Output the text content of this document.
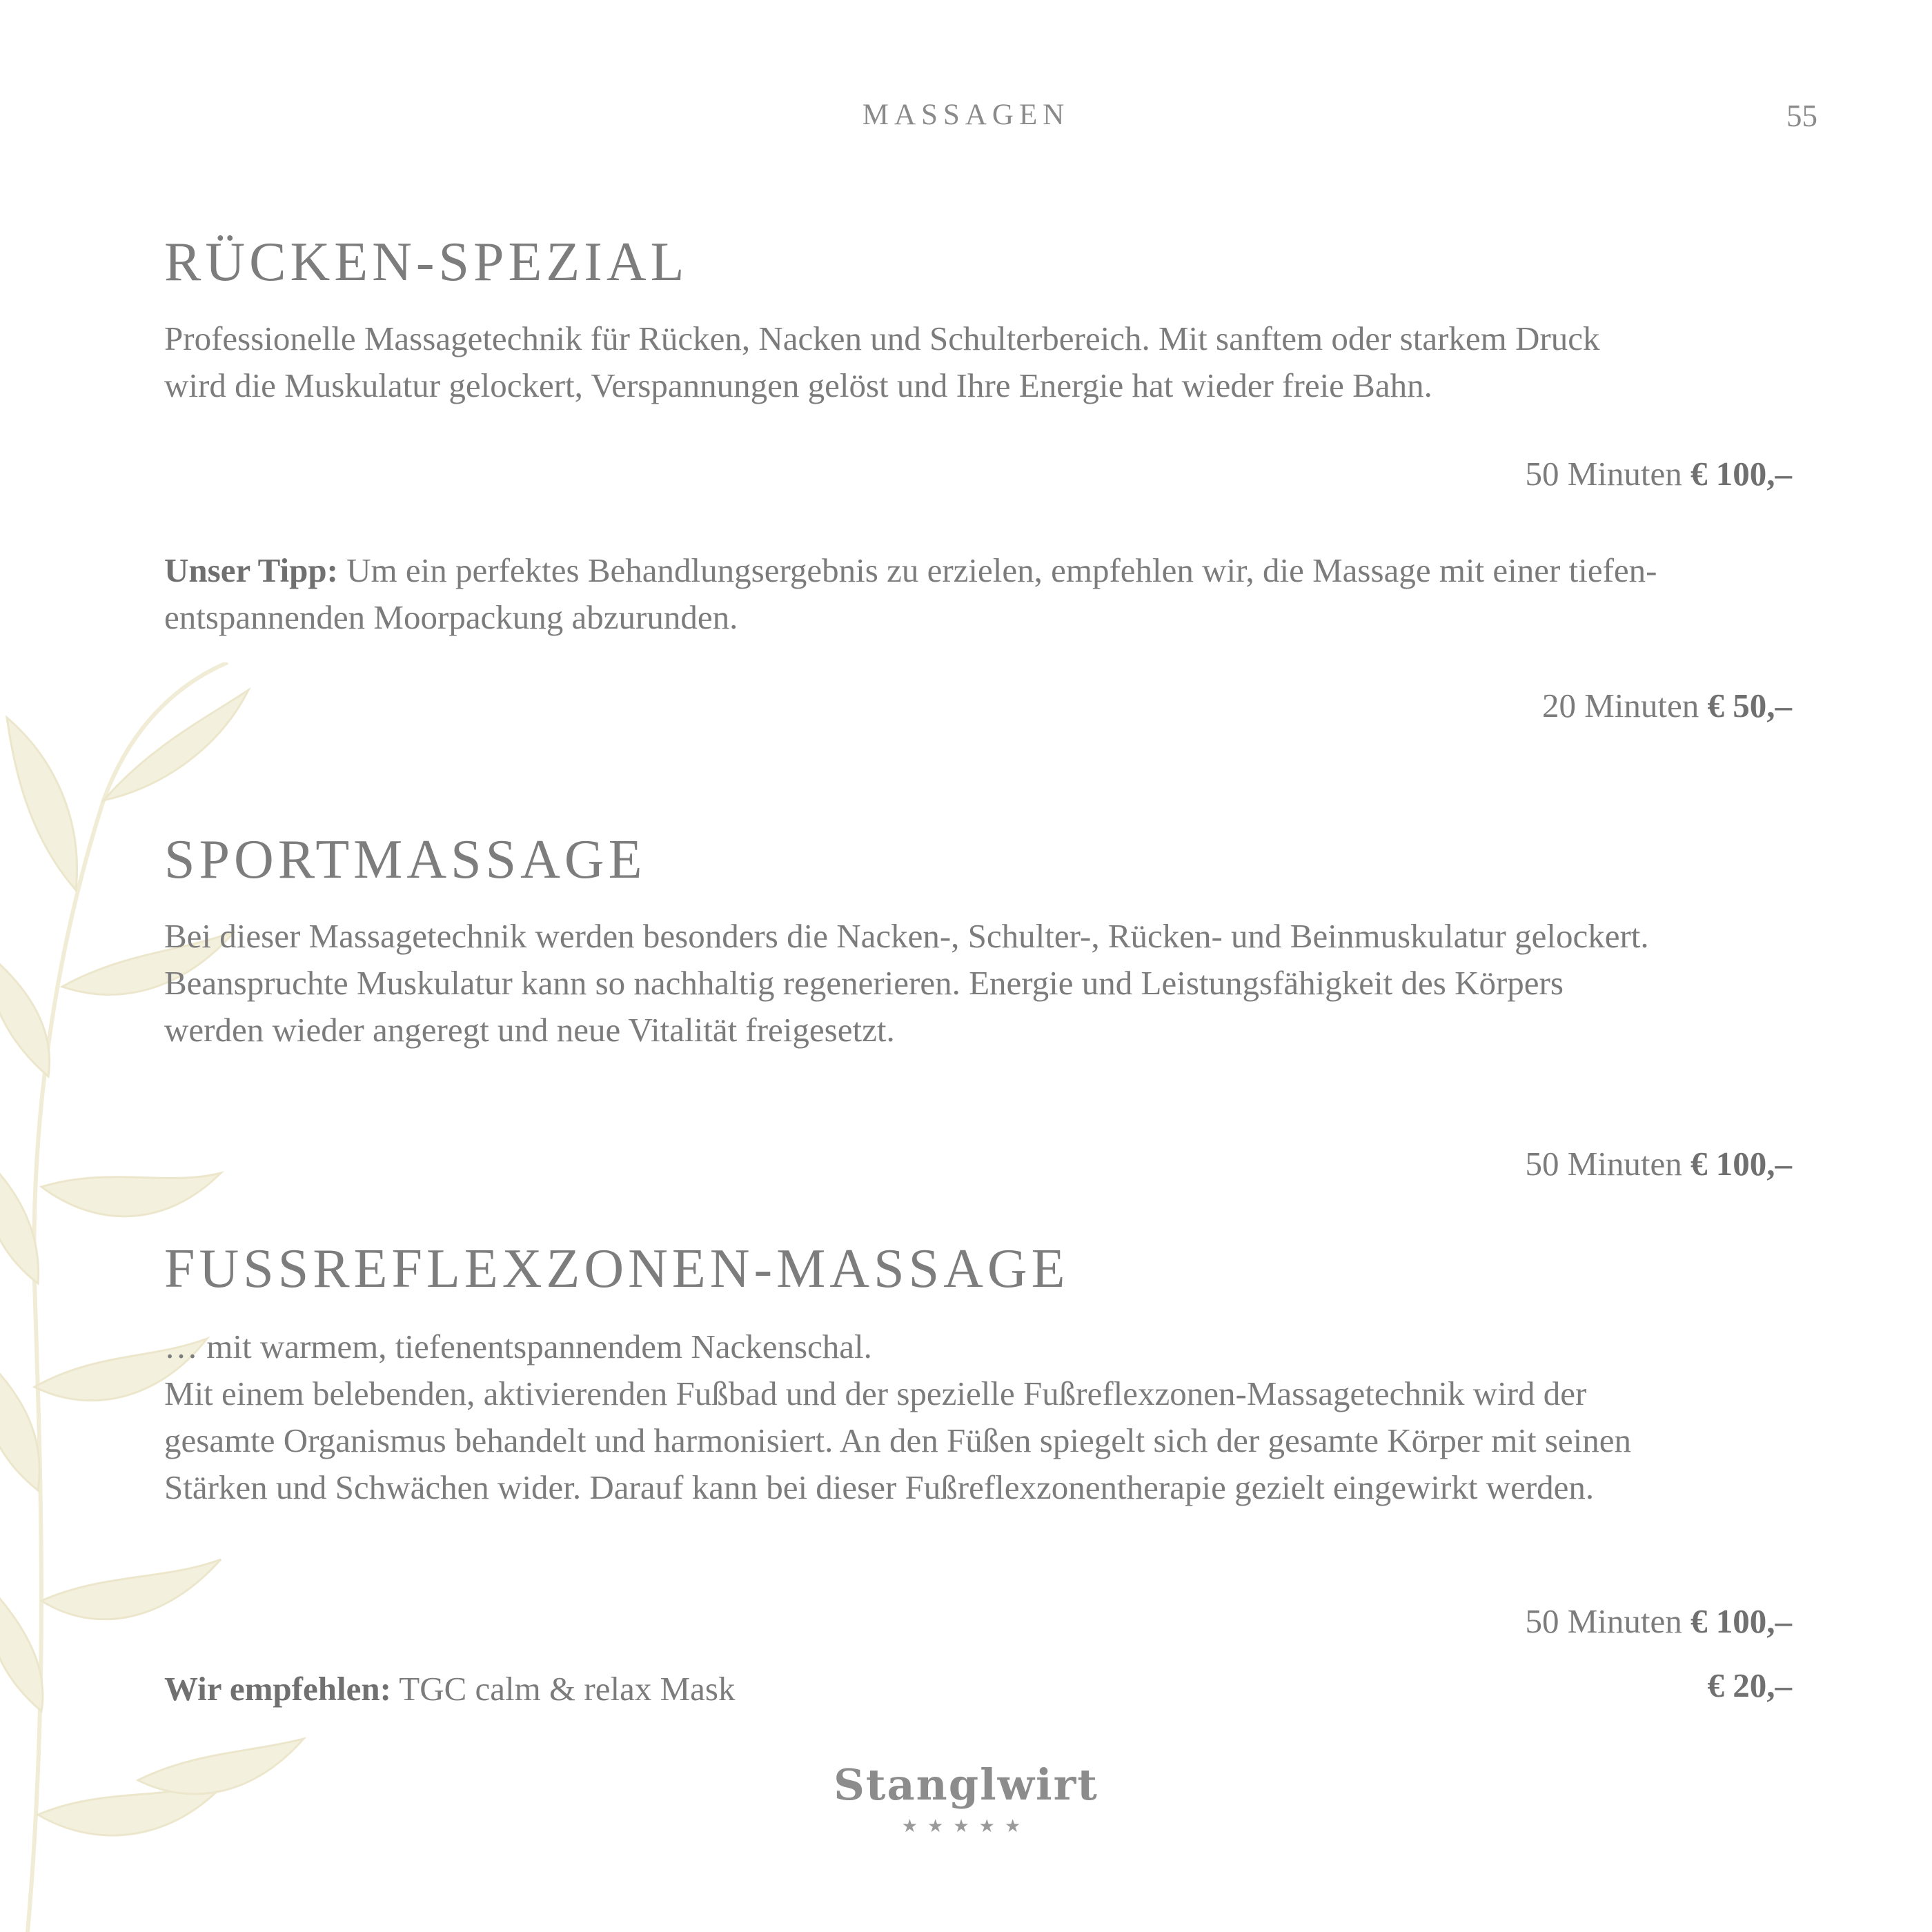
MASSAGEN	55
RÜCKEN-SPEZIAL
Professionelle Massagetechnik für Rücken, Nacken und Schulterbereich. Mit sanftem oder starkem Druck
wird die Muskulatur gelockert, Verspannungen gelöst und Ihre Energie hat wieder freie Bahn.
50 Minuten € 100,–
Unser Tipp: Um ein perfektes Behandlungsergebnis zu erzielen, empfehlen wir, die Massage mit einer tiefen-
entspannenden Moorpackung abzurunden.
20 Minuten € 50,–
SPORTMASSAGE
Bei dieser Massagetechnik werden besonders die Nacken-, Schulter-, Rücken- und Beinmuskulatur gelockert.
Beanspruchte Muskulatur kann so nachhaltig regenerieren. Energie und Leistungsfähigkeit des Körpers
werden wieder angeregt und neue Vitalität freigesetzt.
50 Minuten € 100,–
FUSSREFLEXZONEN-MASSAGE
… mit warmem, tiefenentspannendem Nackenschal.
Mit einem belebenden, aktivierenden Fußbad und der spezielle Fußreflexzonen-Massagetechnik wird der
gesamte Organismus behandelt und harmonisiert. An den Füßen spiegelt sich der gesamte Körper mit seinen
Stärken und Schwächen wider. Darauf kann bei dieser Fußreflexzonentherapie gezielt eingewirkt werden.
50 Minuten € 100,–
Wir empfehlen: TGC calm & relax Mask	€ 20,–
Stanglwirt
★★★★★
